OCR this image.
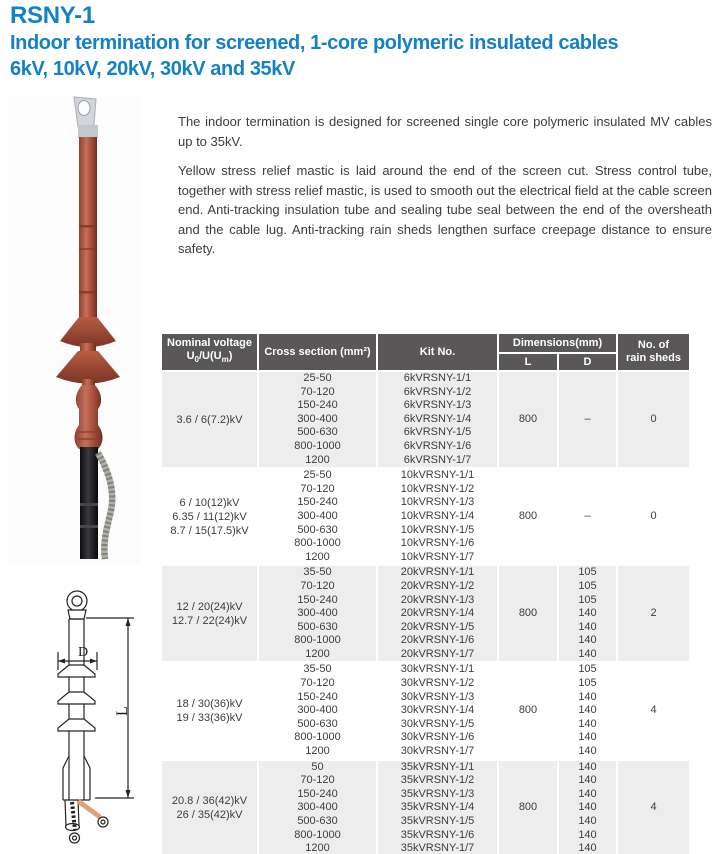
RSNY-1
Indoor termination for screened, 1-core polymeric insulated cables
6kV, 10kV, 20kV, 30kV and 35kV

The indoor termination is designed for screened single core polymeric insulated MV cables up to 35kV.

Yellow stress relief mastic is laid around the end of the screen cut. Stress control tube, together with stress relief mastic, is used to smooth out the electrical field at the cable screen end. Anti-tracking insulation tube and sealing tube seal between the end of the oversheath and the cable lug. Anti-tracking rain sheds lengthen surface creepage distance to ensure safety.

D
L
Nominal voltage
$U_0/U(U_m)$	Cross section (mm²)	Kit No.	Dimensions(mm)	No. of
rain sheds

			L	D	

3.6 / 6(7.2)kV	25-50	6kVRSNY-1/1	800	–	0
	70-120	6kVRSNY-1/2			
	150-240	6kVRSNY-1/3			
	300-400	6kVRSNY-1/4			
	500-630	6kVRSNY-1/5			
	800-1000	6kVRSNY-1/6			
	1200	6kVRSNY-1/7			

6 / 10(12)kV
6.35 / 11(12)kV
8.7 / 15(17.5)kV	25-50	10kVRSNY-1/1	800	–	0
	70-120	10kVRSNY-1/2			
	150-240	10kVRSNY-1/3			
	300-400	10kVRSNY-1/4			
	500-630	10kVRSNY-1/5			
	800-1000	10kVRSNY-1/6			
	1200	10kVRSNY-1/7			

12 / 20(24)kV
12.7 / 22(24)kV	35-50	20kVRSNY-1/1	800	105	2
	70-120	20kVRSNY-1/2		105	
	150-240	20kVRSNY-1/3		105	
	300-400	20kVRSNY-1/4		140	
	500-630	20kVRSNY-1/5		140	
	800-1000	20kVRSNY-1/6		140	
	1200	20kVRSNY-1/7		140	

18 / 30(36)kV
19 / 33(36)kV	35-50	30kVRSNY-1/1	800	105	4
	70-120	30kVRSNY-1/2		105	
	150-240	30kVRSNY-1/3		140	
	300-400	30kVRSNY-1/4		140	
	500-630	30kVRSNY-1/5		140	
	800-1000	30kVRSNY-1/6		140	
	1200	30kVRSNY-1/7		140	

20.8 / 36(42)kV
26 / 35(42)kV	50	35kVRSNY-1/1	800	140	4
	70-120	35kVRSNY-1/2		140	
	150-240	35kVRSNY-1/3		140	
	300-400	35kVRSNY-1/4		140	
	500-630	35kVRSNY-1/5		140	
	800-1000	35kVRSNY-1/6		140	
	1200	35kVRSNY-1/7		140	
